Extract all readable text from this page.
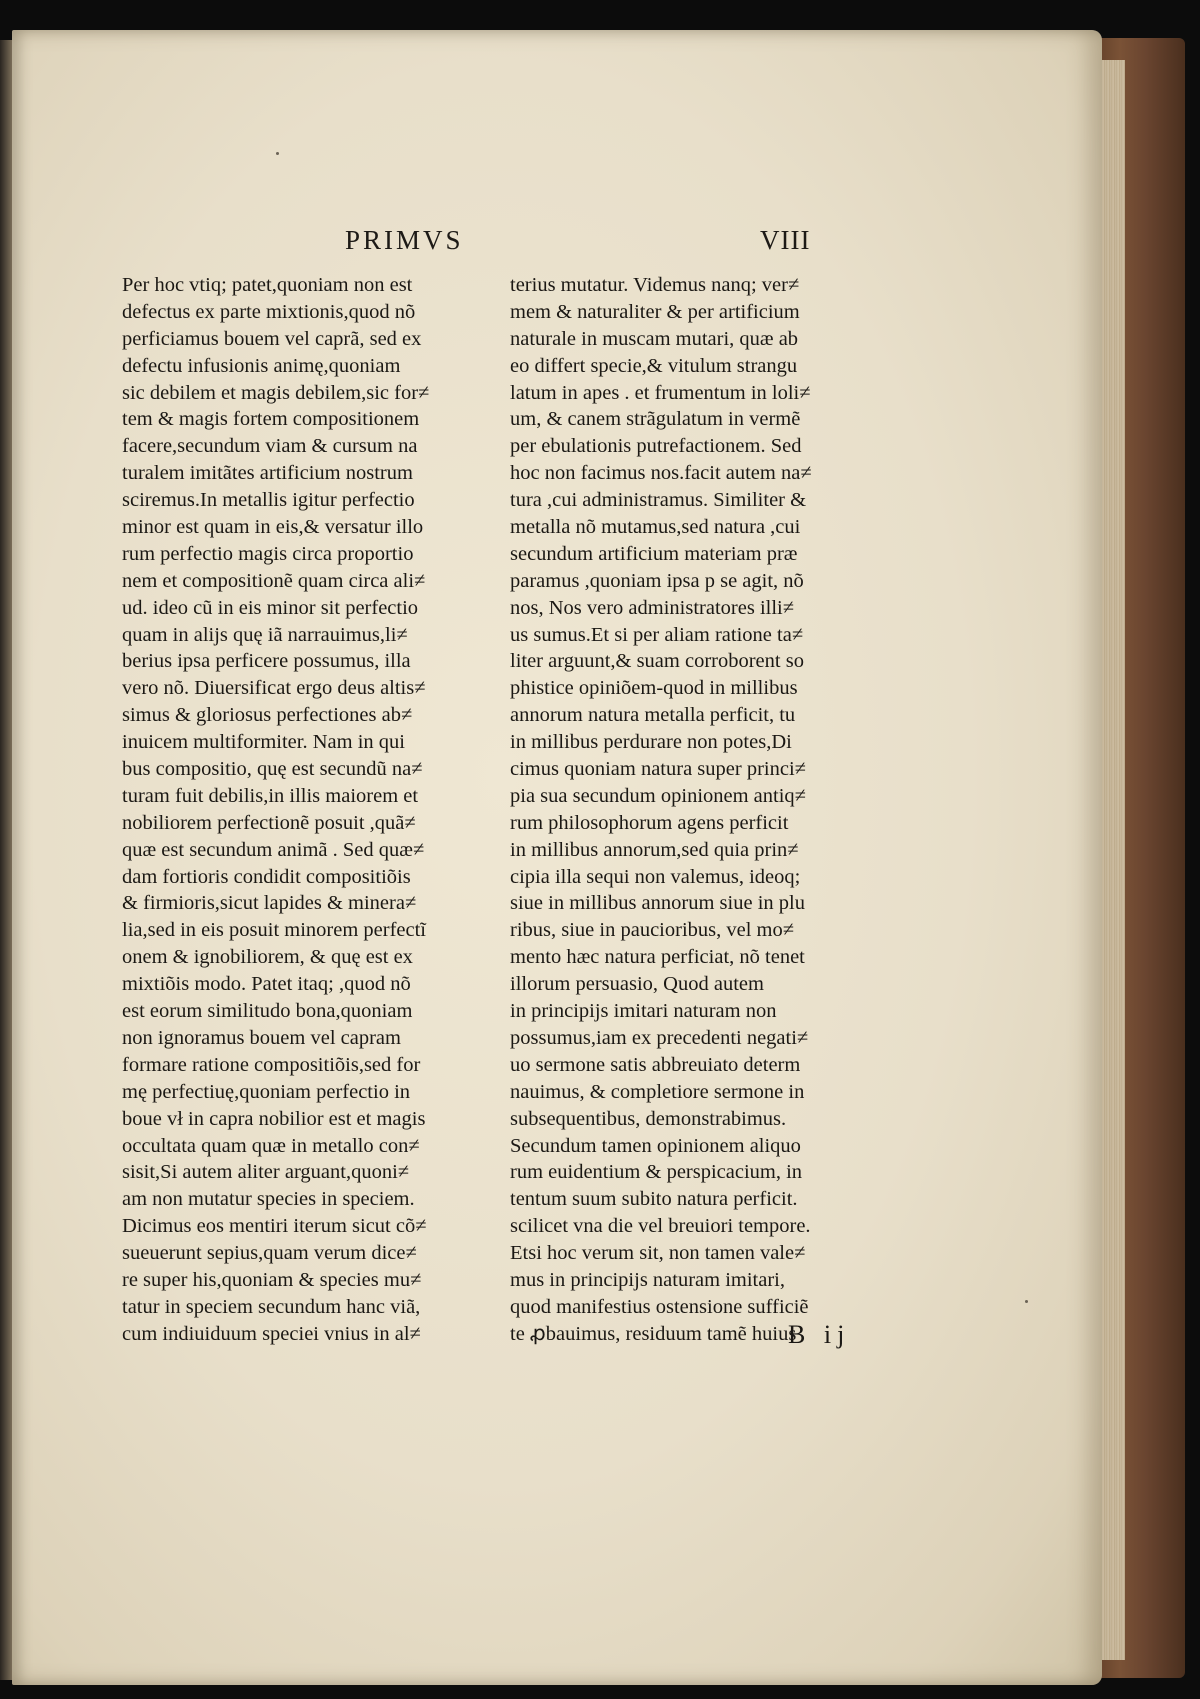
PRIMVS	VIII
Per hoc vtiq; patet,quoniam non est
defectus ex parte mixtionis,quod nõ
perficiamus bouem vel caprã, sed ex
defectu infusionis animę,quoniam
sic debilem et magis debilem,sic for≠
tem & magis fortem compositionem
facere,secundum viam & cursum na
turalem imitãtes artificium nostrum
sciremus.In metallis igitur perfectio
minor est quam in eis,& versatur illo
rum perfectio magis circa proportio
nem et compositionẽ quam circa ali≠
ud. ideo cũ in eis minor sit perfectio
quam in alijs quę iã narrauimus,li≠
berius ipsa perficere possumus, illa
vero nõ. Diuersificat ergo deus altis≠
simus & gloriosus perfectiones ab≠
inuicem multiformiter. Nam in qui
bus compositio, quę est secundũ na≠
turam fuit debilis,in illis maiorem et
nobiliorem perfectionẽ posuit ,quã≠
quæ est secundum animã . Sed quæ≠
dam fortioris condidit compositiõis
& firmioris,sicut lapides & minera≠
lia,sed in eis posuit minorem perfectĩ
onem & ignobiliorem, & quę est ex
mixtiõis modo. Patet itaq; ,quod nõ
est eorum similitudo bona,quoniam
non ignoramus bouem vel capram
formare ratione compositiõis,sed for
mę perfectiuę,quoniam perfectio in
boue vł in capra nobilior est et magis
occultata quam quæ in metallo con≠
sisit,Si autem aliter arguant,quoni≠
am non mutatur species in speciem.
Dicimus eos mentiri iterum sicut cõ≠
sueuerunt sepius,quam verum dice≠
re super his,quoniam & species mu≠
tatur in speciem secundum hanc viã,
cum indiuiduum speciei vnius in al≠
terius mutatur. Videmus nanq; ver≠
mem & naturaliter & per artificium
naturale in muscam mutari, quæ ab
eo differt specie,& vitulum strangu
latum in apes . et frumentum in loli≠
um, & canem strãgulatum in vermẽ
per ebulationis putrefactionem. Sed
hoc non facimus nos.facit autem na≠
tura ,cui administramus. Similiter &
metalla nõ mutamus,sed natura ,cui
secundum artificium materiam præ
paramus ,quoniam ipsa p se agit, nõ
nos, Nos vero administratores illi≠
us sumus.Et si per aliam ratione ta≠
liter arguunt,& suam corroborent so
phistice opiniõem-quod in millibus
annorum natura metalla perficit, tu
in millibus perdurare non potes,Di
cimus quoniam natura super princi≠
pia sua secundum opinionem antiq≠
rum philosophorum agens perficit
in millibus annorum,sed quia prin≠
cipia illa sequi non valemus, ideoq;
siue in millibus annorum siue in plu
ribus, siue in paucioribus, vel mo≠
mento hæc natura perficiat, nõ tenet
illorum persuasio, Quod autem
in principijs imitari naturam non
possumus,iam ex precedenti negati≠
uo sermone satis abbreuiato determ
nauimus, & completiore sermone in
subsequentibus, demonstrabimus.
Secundum tamen opinionem aliquo
rum euidentium & perspicacium, in
tentum suum subito natura perficit.
scilicet vna die vel breuiori tempore.
Etsi hoc verum sit, non tamen vale≠
mus in principijs naturam imitari,
quod manifestius ostensione sufficiẽ
te ꝓbauimus, residuum tamẽ huius
B ij
